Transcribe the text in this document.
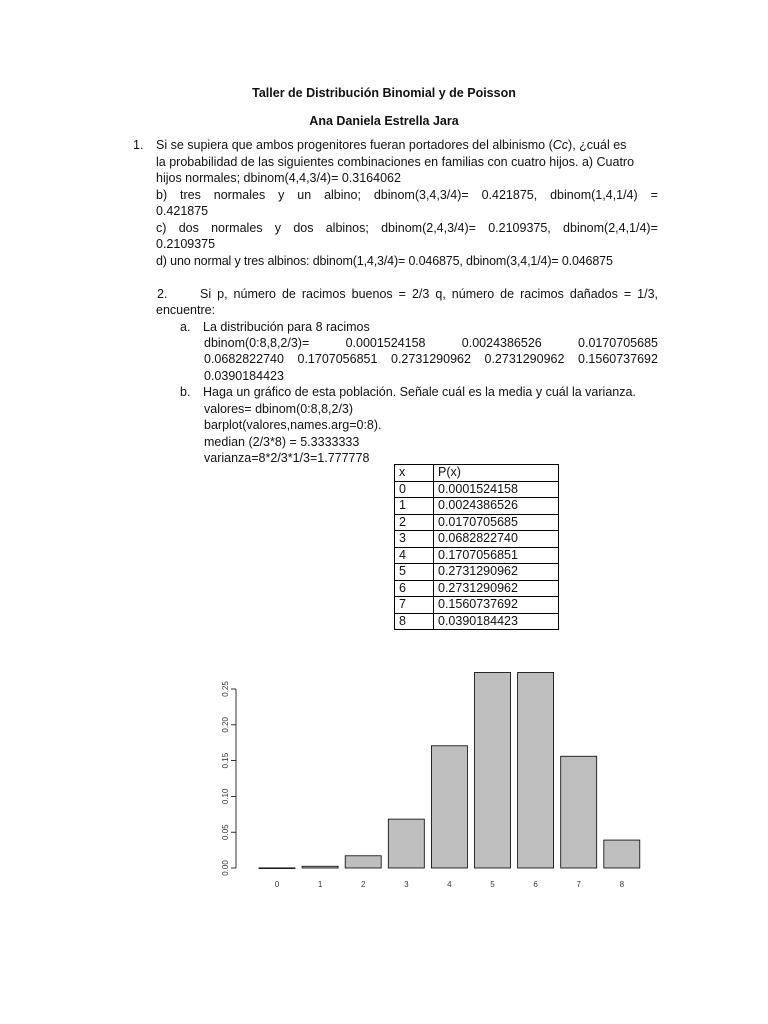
Taller de Distribución Binomial y de Poisson
Ana Daniela Estrella Jara
1. Si se supiera que ambos progenitores fueran portadores del albinismo (Cc), ¿cuál es
la probabilidad de las siguientes combinaciones en familias con cuatro hijos. a) Cuatro
hijos normales; dbinom(4,4,3/4)= 0.3164062
b) tres normales y un albino; dbinom(3,4,3/4)= 0.421875, dbinom(1,4,1/4) =
0.421875
c) dos normales y dos albinos; dbinom(2,4,3/4)= 0.2109375, dbinom(2,4,1/4)=
0.2109375
d) uno normal y tres albinos: dbinom(1,4,3/4)= 0.046875, dbinom(3,4,1/4)= 0.046875
2.	Si p, número de racimos buenos = 2/3 q, número de racimos dañados = 1/3,
encuentre:
a. La distribución para 8 racimos
dbinom(0:8,8,2/3)=	0.0001524158	0.0024386526	0.0170705685
0.0682822740 0.1707056851 0.2731290962 0.2731290962 0.1560737692
0.0390184423
b. Haga un gráfico de esta población. Señale cuál es la media y cuál la varianza.
valores= dbinom(0:8,8,2/3)
barplot(valores,names.arg=0:8).
median (2/3*8) = 5.3333333
varianza=8*2/3*1/3=1.777778
x	P(x)
0	0.0001524158
1	0.0024386526
2	0.0170705685
3	0.0682822740
4	0.1707056851
5	0.2731290962
6	0.2731290962
7	0.1560737692
8	0.0390184423
0.00
0.05
0.10
0.15
0.20
0.25
0	1	2	3	4	5	6	7	8
